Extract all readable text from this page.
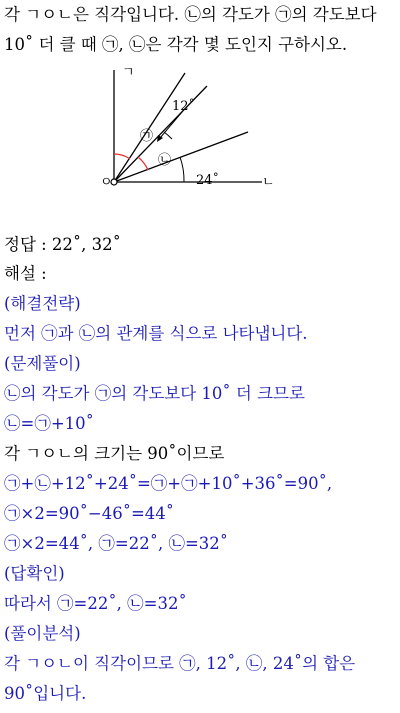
각 ㄱㅇㄴ은 직각입니다. ㉡의 각도가 ㉠의 각도보다
10˚ 더 클 때 ㉠, ㉡은 각각 몇 도인지 구하시오.
ㄱ
ㅇ	ㄴ
12˚
㉠
㉡
24˚
정답 : 22˚, 32˚
해설 :
(해결전략)
먼저 ㉠과 ㉡의 관계를 식으로 나타냅니다.
(문제풀이)
㉡의 각도가 ㉠의 각도보다 10˚ 더 크므로
㉡=㉠+10˚
각 ㄱㅇㄴ의 크기는 90˚이므로
㉠+㉡+12˚+24˚=㉠+㉠+10˚+36˚=90˚,
㉠×2=90˚−46˚=44˚
㉠×2=44˚, ㉠=22˚, ㉡=32˚
(답확인)
따라서 ㉠=22˚, ㉡=32˚
(풀이분석)
각 ㄱㅇㄴ이 직각이므로 ㉠, 12˚, ㉡, 24˚의 합은
90˚입니다.
